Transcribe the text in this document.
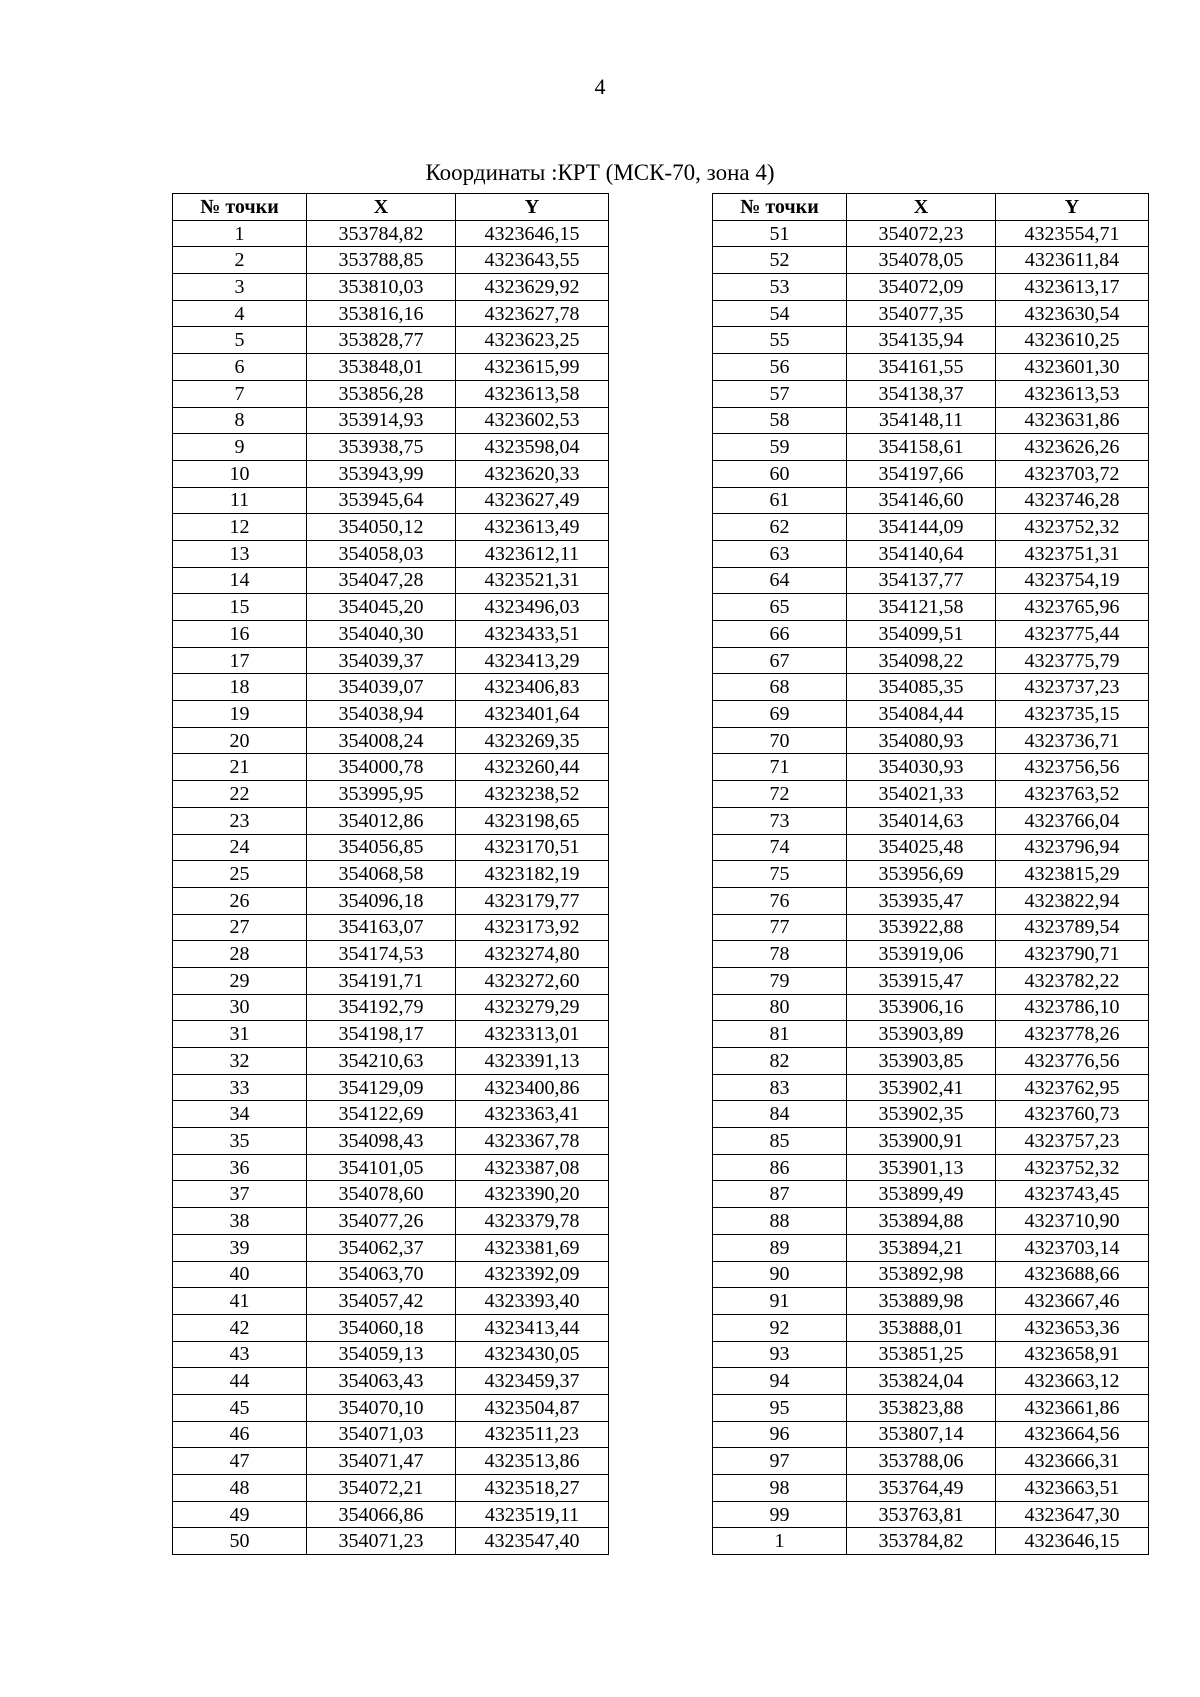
4
Координаты :КРТ (МСК-70, зона 4)
№ точки	X	Y
1	353784,82	4323646,15
2	353788,85	4323643,55
3	353810,03	4323629,92
4	353816,16	4323627,78
5	353828,77	4323623,25
6	353848,01	4323615,99
7	353856,28	4323613,58
8	353914,93	4323602,53
9	353938,75	4323598,04
10	353943,99	4323620,33
11	353945,64	4323627,49
12	354050,12	4323613,49
13	354058,03	4323612,11
14	354047,28	4323521,31
15	354045,20	4323496,03
16	354040,30	4323433,51
17	354039,37	4323413,29
18	354039,07	4323406,83
19	354038,94	4323401,64
20	354008,24	4323269,35
21	354000,78	4323260,44
22	353995,95	4323238,52
23	354012,86	4323198,65
24	354056,85	4323170,51
25	354068,58	4323182,19
26	354096,18	4323179,77
27	354163,07	4323173,92
28	354174,53	4323274,80
29	354191,71	4323272,60
30	354192,79	4323279,29
31	354198,17	4323313,01
32	354210,63	4323391,13
33	354129,09	4323400,86
34	354122,69	4323363,41
35	354098,43	4323367,78
36	354101,05	4323387,08
37	354078,60	4323390,20
38	354077,26	4323379,78
39	354062,37	4323381,69
40	354063,70	4323392,09
41	354057,42	4323393,40
42	354060,18	4323413,44
43	354059,13	4323430,05
44	354063,43	4323459,37
45	354070,10	4323504,87
46	354071,03	4323511,23
47	354071,47	4323513,86
48	354072,21	4323518,27
49	354066,86	4323519,11
50	354071,23	4323547,40
№ точки	X	Y
51	354072,23	4323554,71
52	354078,05	4323611,84
53	354072,09	4323613,17
54	354077,35	4323630,54
55	354135,94	4323610,25
56	354161,55	4323601,30
57	354138,37	4323613,53
58	354148,11	4323631,86
59	354158,61	4323626,26
60	354197,66	4323703,72
61	354146,60	4323746,28
62	354144,09	4323752,32
63	354140,64	4323751,31
64	354137,77	4323754,19
65	354121,58	4323765,96
66	354099,51	4323775,44
67	354098,22	4323775,79
68	354085,35	4323737,23
69	354084,44	4323735,15
70	354080,93	4323736,71
71	354030,93	4323756,56
72	354021,33	4323763,52
73	354014,63	4323766,04
74	354025,48	4323796,94
75	353956,69	4323815,29
76	353935,47	4323822,94
77	353922,88	4323789,54
78	353919,06	4323790,71
79	353915,47	4323782,22
80	353906,16	4323786,10
81	353903,89	4323778,26
82	353903,85	4323776,56
83	353902,41	4323762,95
84	353902,35	4323760,73
85	353900,91	4323757,23
86	353901,13	4323752,32
87	353899,49	4323743,45
88	353894,88	4323710,90
89	353894,21	4323703,14
90	353892,98	4323688,66
91	353889,98	4323667,46
92	353888,01	4323653,36
93	353851,25	4323658,91
94	353824,04	4323663,12
95	353823,88	4323661,86
96	353807,14	4323664,56
97	353788,06	4323666,31
98	353764,49	4323663,51
99	353763,81	4323647,30
1	353784,82	4323646,15
